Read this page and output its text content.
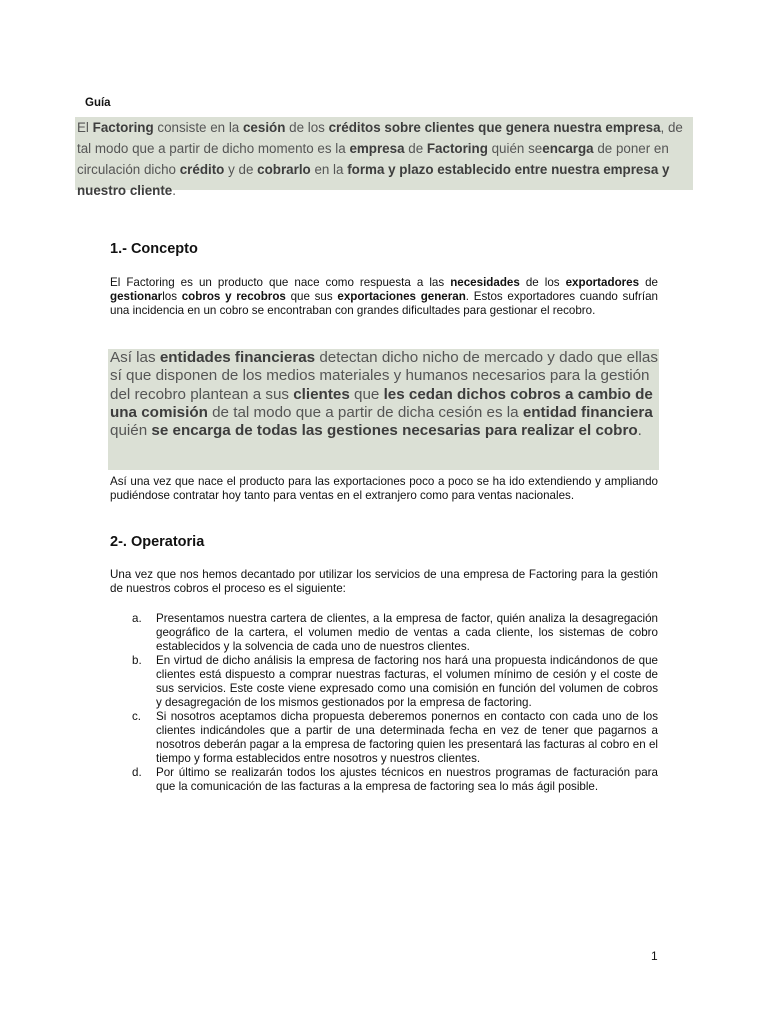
Guía
El Factoring consiste en la cesión de los créditos sobre clientes que genera nuestra empresa, de tal modo que a partir de dicho momento es la empresa de Factoring quién seencarga de poner en circulación dicho crédito y de cobrarlo en la forma y plazo establecido entre nuestra empresa y nuestro cliente.
1.- Concepto

El Factoring es un producto que nace como respuesta a las necesidades de los exportadores de gestionarlos cobros y recobros que sus exportaciones generan. Estos exportadores cuando sufrían una incidencia en un cobro se encontraban con grandes dificultades para gestionar el recobro.

Así las entidades financieras detectan dicho nicho de mercado y dado que ellas sí que disponen de los medios materiales y humanos necesarios para la gestión del recobro plantean a sus clientes que les cedan dichos cobros a cambio de una comisión de tal modo que a partir de dicha cesión es la entidad financiera quién se encarga de todas las gestiones necesarias para realizar el cobro.

Así una vez que nace el producto para las exportaciones poco a poco se ha ido extendiendo y ampliando pudiéndose contratar hoy tanto para ventas en el extranjero como para ventas nacionales.

2-. Operatoria

Una vez que nos hemos decantado por utilizar los servicios de una empresa de Factoring para la gestión de nuestros cobros el proceso es el siguiente:

a. Presentamos nuestra cartera de clientes, a la empresa de factor, quién analiza la desagregación geográfico de la cartera, el volumen medio de ventas a cada cliente, los sistemas de cobro establecidos y la solvencia de cada uno de nuestros clientes.
b. En virtud de dicho análisis la empresa de factoring nos hará una propuesta indicándonos de que clientes está dispuesto a comprar nuestras facturas, el volumen mínimo de cesión y el coste de sus servicios. Este coste viene expresado como una comisión en función del volumen de cobros y desagregación de los mismos gestionados por la empresa de factoring.
c. Si nosotros aceptamos dicha propuesta deberemos ponernos en contacto con cada uno de los clientes indicándoles que a partir de una determinada fecha en vez de tener que pagarnos a nosotros deberán pagar a la empresa de factoring quien les presentará las facturas al cobro en el tiempo y forma establecidos entre nosotros y nuestros clientes.
d. Por último se realizarán todos los ajustes técnicos en nuestros programas de facturación para que la comunicación de las facturas a la empresa de factoring sea lo más ágil posible.
1
